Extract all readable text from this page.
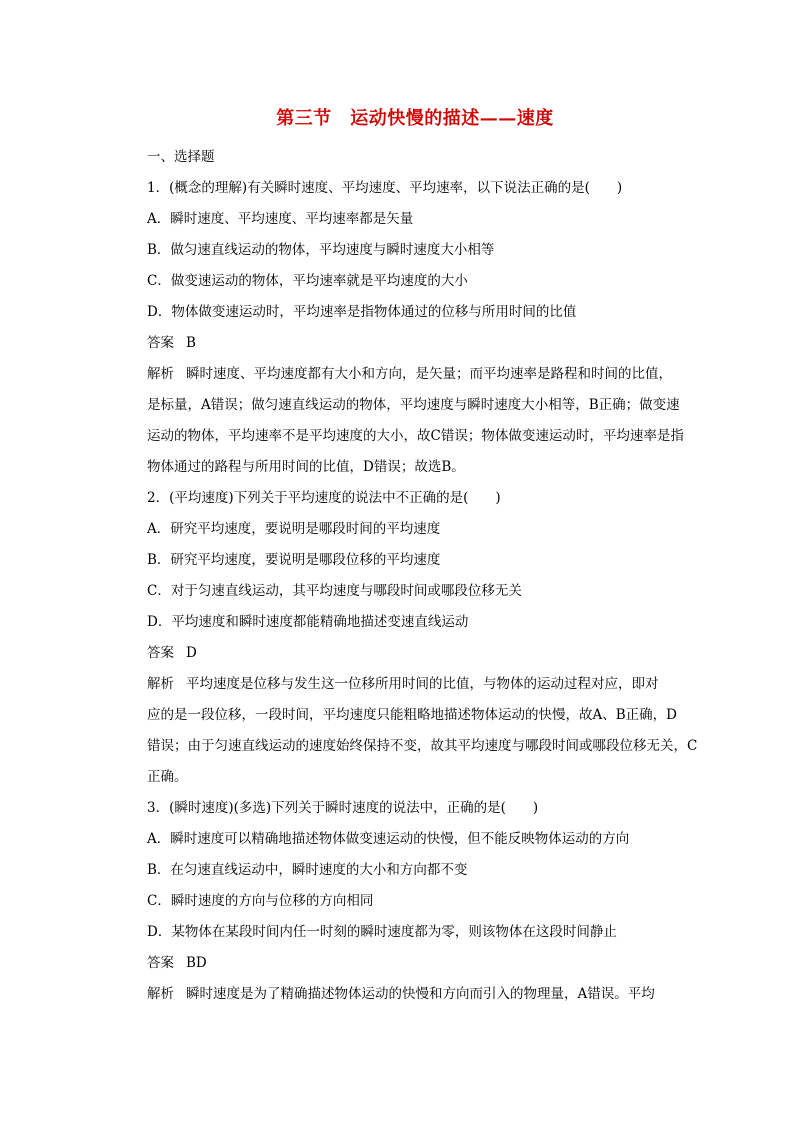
第三节　运动快慢的描述——速度
一、选择题
1．(概念的理解)有关瞬时速度、平均速度、平均速率，以下说法正确的是(　　)
A．瞬时速度、平均速度、平均速率都是矢量
B．做匀速直线运动的物体，平均速度与瞬时速度大小相等
C．做变速运动的物体，平均速率就是平均速度的大小
D．物体做变速运动时，平均速率是指物体通过的位移与所用时间的比值
答案 B
解析 瞬时速度、平均速度都有大小和方向，是矢量；而平均速率是路程和时间的比值，
是标量，A错误；做匀速直线运动的物体，平均速度与瞬时速度大小相等，B正确；做变速
运动的物体，平均速率不是平均速度的大小，故C错误；物体做变速运动时，平均速率是指
物体通过的路程与所用时间的比值，D错误；故选B。
2．(平均速度)下列关于平均速度的说法中不正确的是(　　)
A．研究平均速度，要说明是哪段时间的平均速度
B．研究平均速度，要说明是哪段位移的平均速度
C．对于匀速直线运动，其平均速度与哪段时间或哪段位移无关
D．平均速度和瞬时速度都能精确地描述变速直线运动
答案 D
解析 平均速度是位移与发生这一位移所用时间的比值，与物体的运动过程对应，即对
应的是一段位移，一段时间，平均速度只能粗略地描述物体运动的快慢，故A、B正确，D
错误；由于匀速直线运动的速度始终保持不变，故其平均速度与哪段时间或哪段位移无关，C
正确。
3．(瞬时速度)(多选)下列关于瞬时速度的说法中，正确的是(　　)
A．瞬时速度可以精确地描述物体做变速运动的快慢，但不能反映物体运动的方向
B．在匀速直线运动中，瞬时速度的大小和方向都不变
C．瞬时速度的方向与位移的方向相同
D．某物体在某段时间内任一时刻的瞬时速度都为零，则该物体在这段时间静止
答案 BD
解析 瞬时速度是为了精确描述物体运动的快慢和方向而引入的物理量，A错误。平均
